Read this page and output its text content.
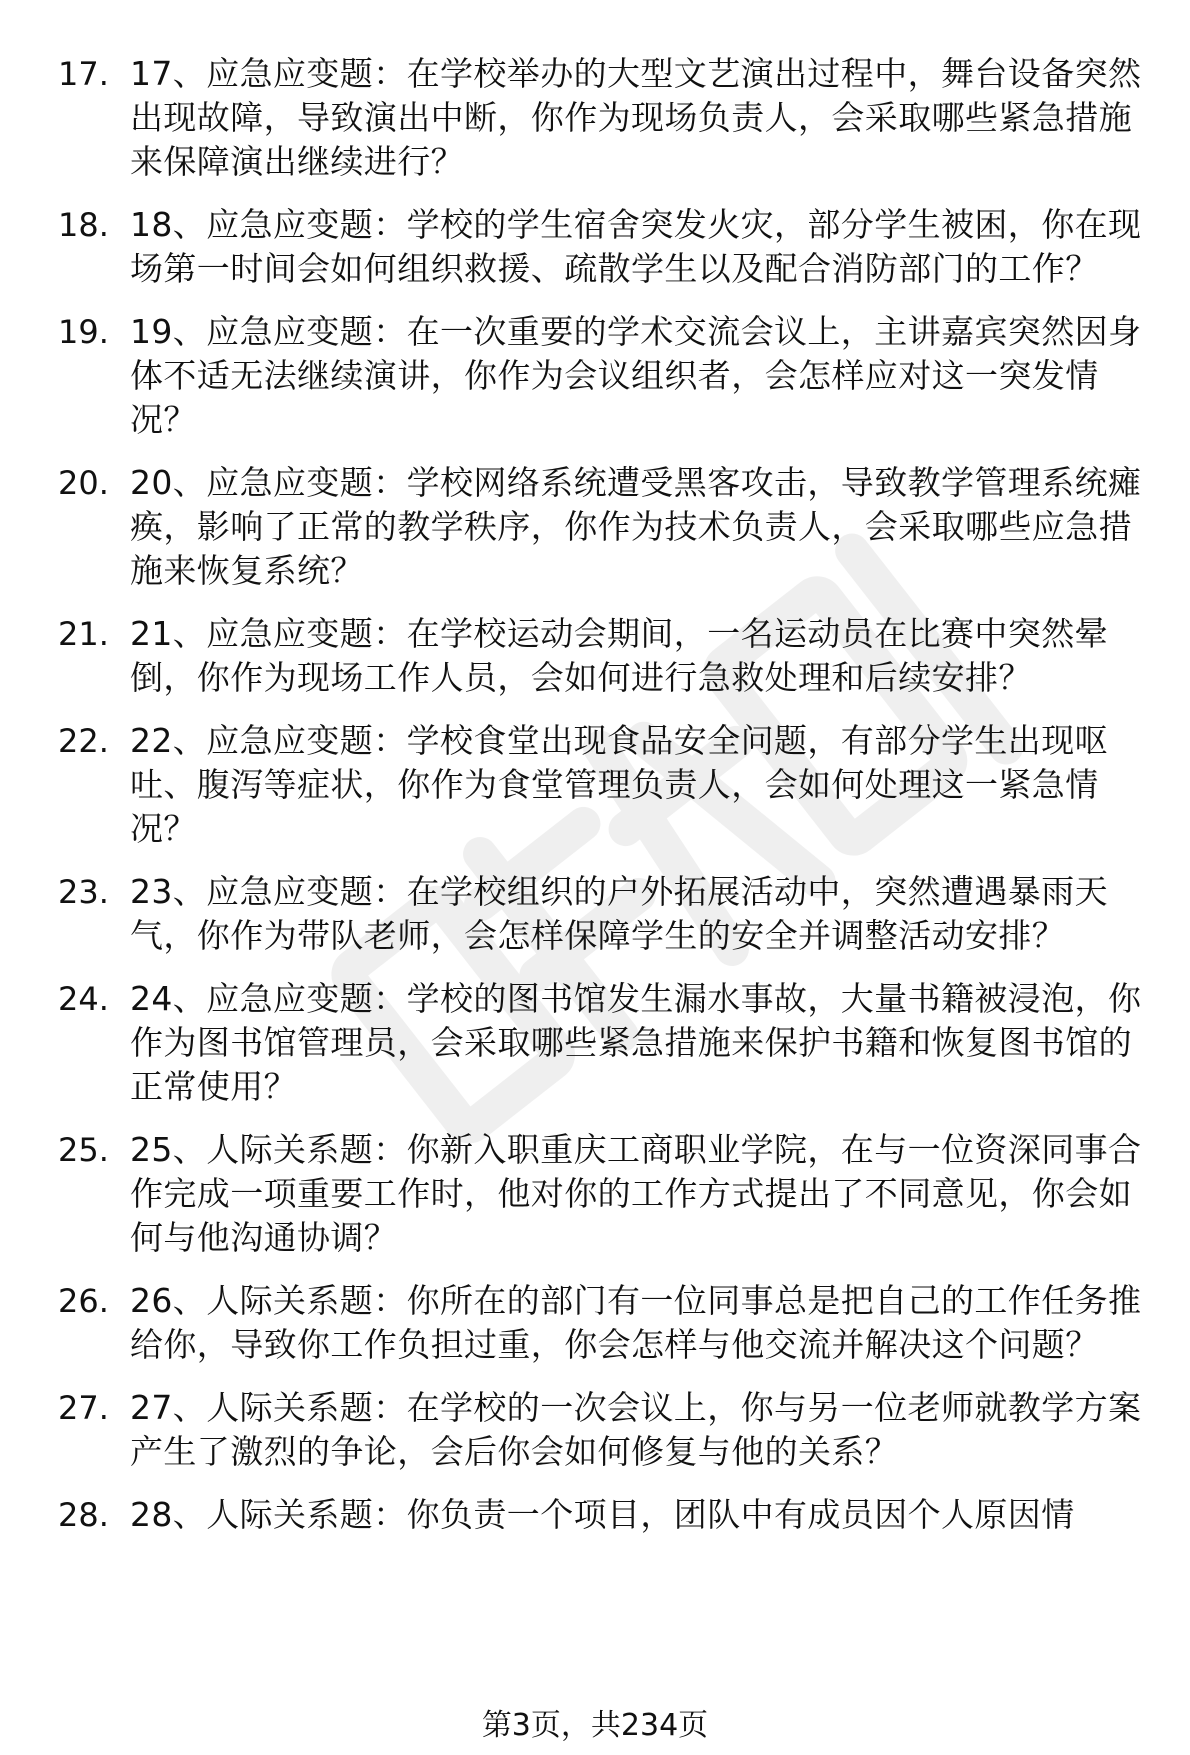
17. 17、应急应变题：在学校举办的大型文艺演出过程中，舞台设备突然出现故障，导致演出中断，你作为现场负责人，会采取哪些紧急措施来保障演出继续进行？
18. 18、应急应变题：学校的学生宿舍突发火灾，部分学生被困，你在现场第一时间会如何组织救援、疏散学生以及配合消防部门的工作？
19. 19、应急应变题：在一次重要的学术交流会议上，主讲嘉宾突然因身体不适无法继续演讲，你作为会议组织者，会怎样应对这一突发情况？
20. 20、应急应变题：学校网络系统遭受黑客攻击，导致教学管理系统瘫痪，影响了正常的教学秩序，你作为技术负责人，会采取哪些应急措施来恢复系统？
21. 21、应急应变题：在学校运动会期间，一名运动员在比赛中突然晕倒，你作为现场工作人员，会如何进行急救处理和后续安排？
22. 22、应急应变题：学校食堂出现食品安全问题，有部分学生出现呕吐、腹泻等症状，你作为食堂管理负责人，会如何处理这一紧急情况？
23. 23、应急应变题：在学校组织的户外拓展活动中，突然遭遇暴雨天气，你作为带队老师，会怎样保障学生的安全并调整活动安排？
24. 24、应急应变题：学校的图书馆发生漏水事故，大量书籍被浸泡，你作为图书馆管理员，会采取哪些紧急措施来保护书籍和恢复图书馆的正常使用？
25. 25、人际关系题：你新入职重庆工商职业学院，在与一位资深同事合作完成一项重要工作时，他对你的工作方式提出了不同意见，你会如何与他沟通协调？
26. 26、人际关系题：你所在的部门有一位同事总是把自己的工作任务推给你，导致你工作负担过重，你会怎样与他交流并解决这个问题？
27. 27、人际关系题：在学校的一次会议上，你与另一位老师就教学方案产生了激烈的争论，会后你会如何修复与他的关系？
28. 28、人际关系题：你负责一个项目，团队中有成员因个人原因情
第3页，共234页
